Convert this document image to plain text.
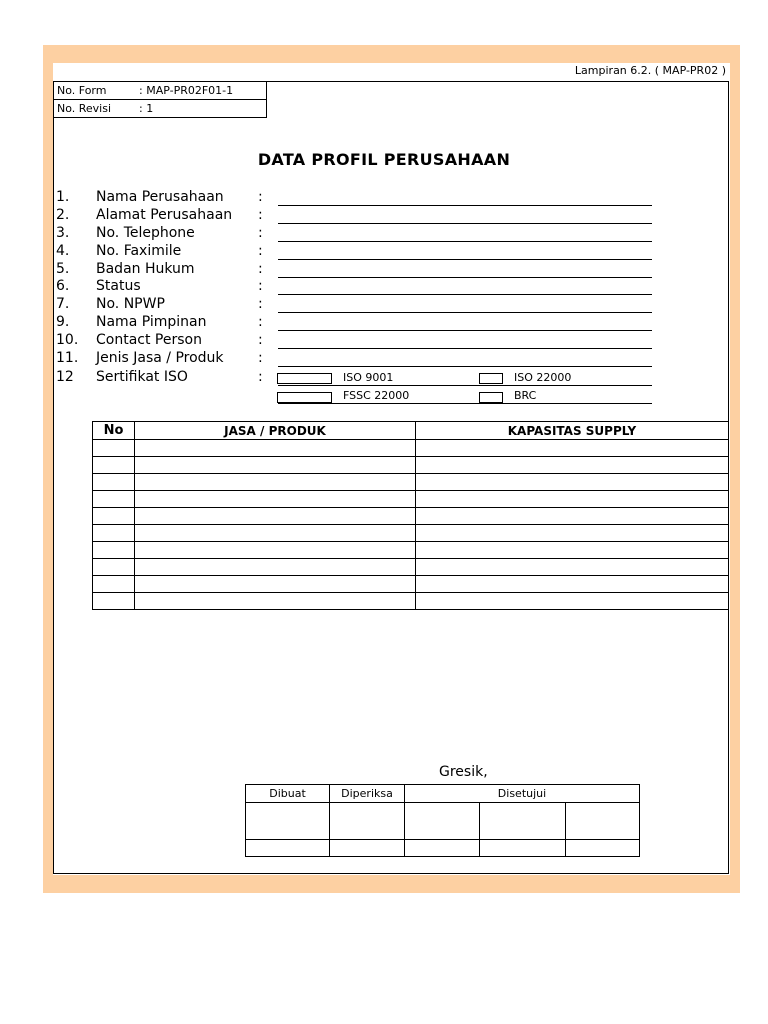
Lampiran 6.2. ( MAP-PR02 )
No. Form	: MAP-PR02F01-1
No. Revisi	: 1
DATA PROFIL PERUSAHAAN
1.	Nama Perusahaan :
2.	Alamat Perusahaan :
3.	No. Telephone	:
4.	No. Faximile	:
5.	Badan Hukum	:
6.	Status	:
7.	No. NPWP	:
9.	Nama Pimpinan	:
10.	Contact Person	:
11.	Jenis Jasa / Produk :
12	Sertifikat ISO	:	ISO 9001	ISO 22000
FSSC 22000	BRC
No	JASA / PRODUK	KAPASITAS SUPPLY

Gresik,
Dibuat	Diperiksa	Disetujui		
